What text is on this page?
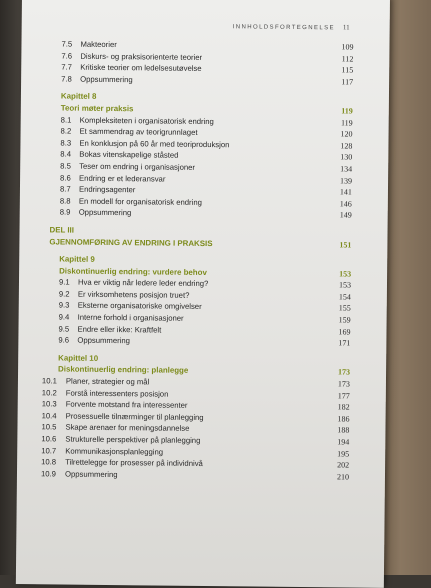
INNHOLDSFORTEGNELSE 11
7.5 Makteorier	109
7.6 Diskurs- og praksisorienterte teorier	112
7.7 Kritiske teorier om ledelsesutøvelse	115
7.8 Oppsummering	117
Kapittel 8
Teori møter praksis	119
8.1 Kompleksiteten i organisatorisk endring	119
8.2 Et sammendrag av teorigrunnlaget	120
8.3 En konklusjon på 60 år med teoriproduksjon	128
8.4 Bokas vitenskapelige ståsted	130
8.5 Teser om endring i organisasjoner	134
8.6 Endring er et lederansvar	139
8.7 Endringsagenter	141
8.8 En modell for organisatorisk endring	146
8.9 Oppsummering	149
DEL III
GJENNOMFØRING AV ENDRING I PRAKSIS	151
Kapittel 9
Diskontinuerlig endring: vurdere behov	153
9.1 Hva er viktig når ledere leder endring?	153
9.2 Er virksomhetens posisjon truet?	154
9.3 Eksterne organisatoriske omgivelser	155
9.4 Interne forhold i organisasjoner	159
9.5 Endre eller ikke: Kraftfelt	169
9.6 Oppsummering	171
Kapittel 10
Diskontinuerlig endring: planlegge	173
10.1 Planer, strategier og mål	173
10.2 Forstå interessenters posisjon	177
10.3 Forvente motstand fra interessenter	182
10.4 Prosessuelle tilnærminger til planlegging	186
10.5 Skape arenaer for meningsdannelse	188
10.6 Strukturelle perspektiver på planlegging	194
10.7 Kommunikasjonsplanlegging	195
10.8 Tilrettelegge for prosesser på individnivå	202
10.9 Oppsummering	210
